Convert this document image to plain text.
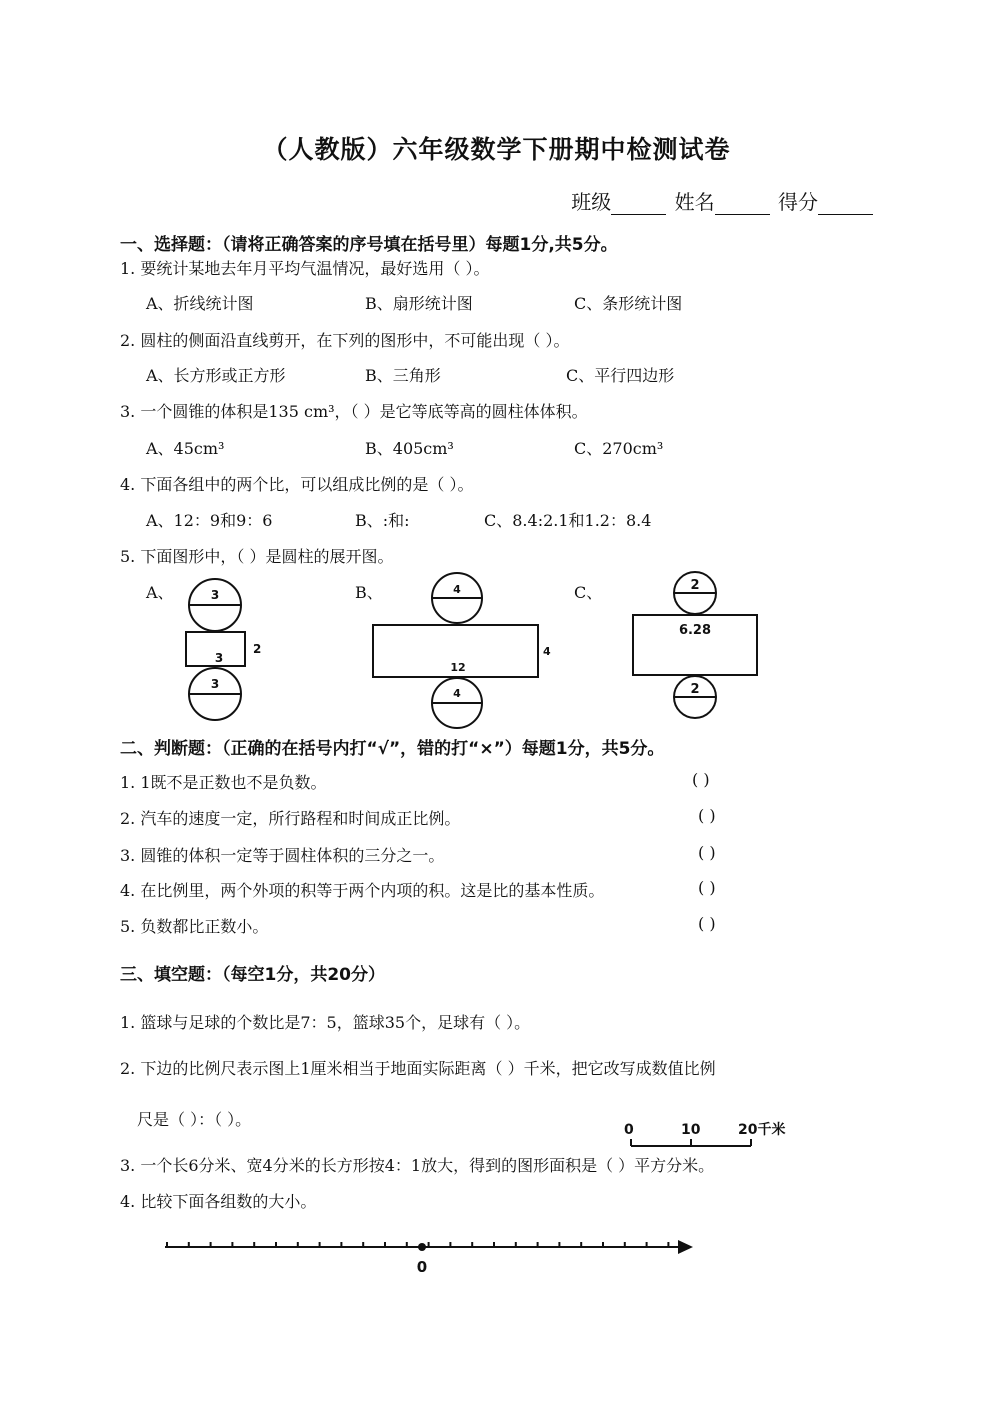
（人教版）六年级数学下册期中检测试卷
班级	姓名	得分
一、选择题：（请将正确答案的序号填在括号里）每题1分,共5分。
1. 要统计某地去年月平均气温情况，最好选用（ ）。
A、折线统计图	B、扇形统计图	C、条形统计图
2. 圆柱的侧面沿直线剪开，在下列的图形中，不可能出现（ ）。
A、长方形或正方形	B、三角形	C、平行四边形
3. 一个圆锥的体积是135 cm³，（ ）是它等底等高的圆柱体体积。
A、45cm³	B、405cm³	C、270cm³
4. 下面各组中的两个比，可以组成比例的是（ ）。
A、12：9和9：6	B、:和:	C、8.4:2.1和1.2：8.4
5. 下面图形中，（ ）是圆柱的展开图。
A、	B、	C、
3
3
2
3
4
12
4
4
2
6.28
2
二、判断题：（正确的在括号内打“√”，错的打“×”）每题1分，共5分。
1. 1既不是正数也不是负数。	( )
2. 汽车的速度一定，所行路程和时间成正比例。	( )
3. 圆锥的体积一定等于圆柱体积的三分之一。	( )
4. 在比例里，两个外项的积等于两个内项的积。这是比的基本性质。	( )
5. 负数都比正数小。	( )
三、填空题：（每空1分，共20分）
1. 篮球与足球的个数比是7：5，篮球35个，足球有（ ）。
2. 下边的比例尺表示图上1厘米相当于地面实际距离（ ）千米，把它改写成数值比例
尺是（ ）：（ ）。
0	10	20千米
3. 一个长6分米、宽4分米的长方形按4：1放大，得到的图形面积是（ ）平方分米。
4. 比较下面各组数的大小。
0
